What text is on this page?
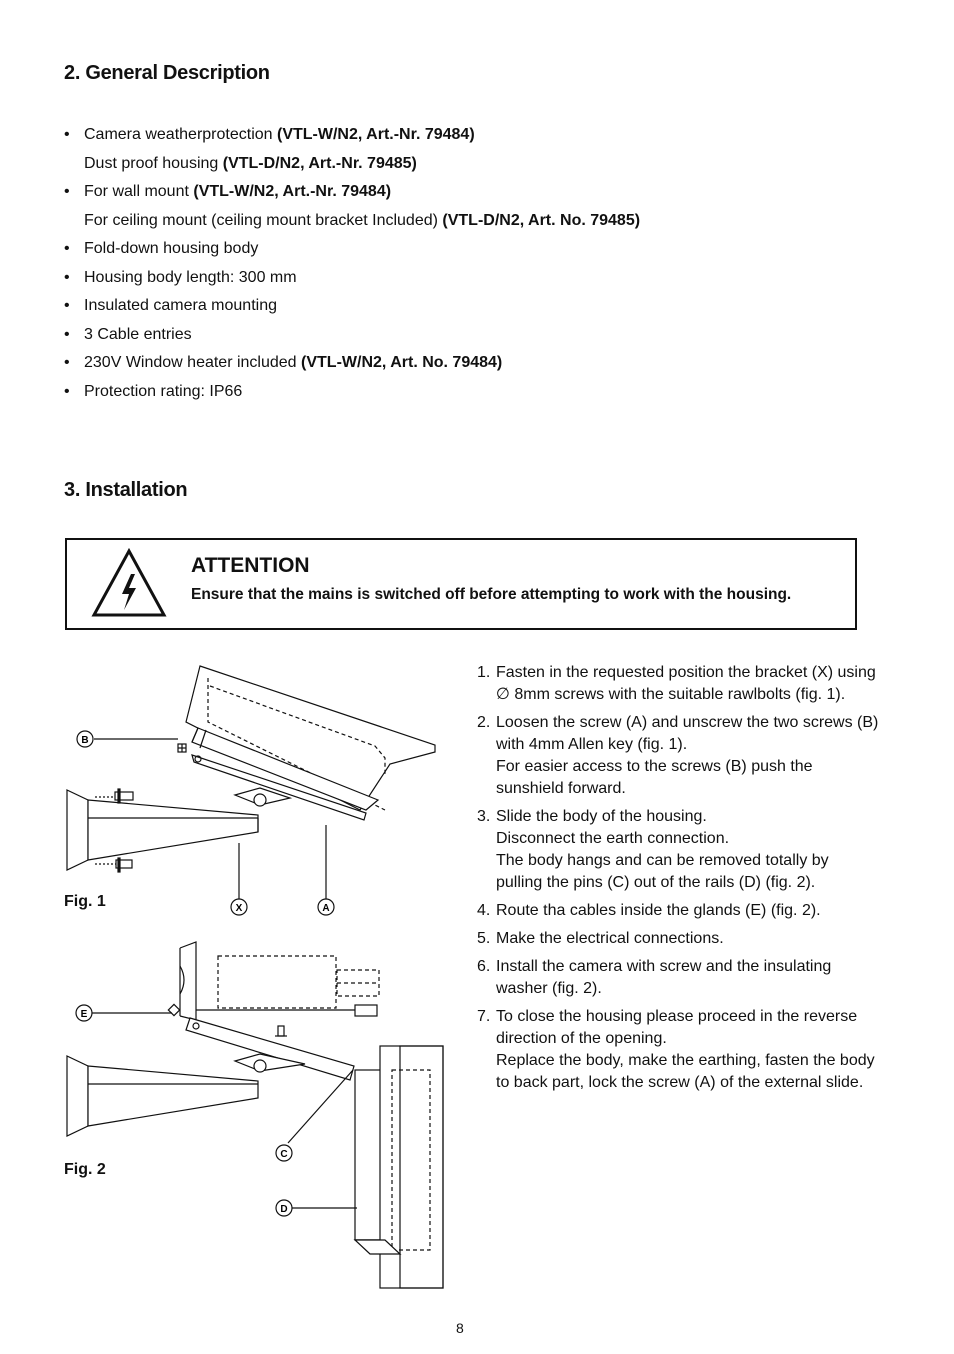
2. General Description
• Camera weatherprotection (VTL-W/N2, Art.-Nr. 79484)
Dust proof housing (VTL-D/N2, Art.-Nr. 79485)
• For wall mount (VTL-W/N2, Art.-Nr. 79484)
For ceiling mount (ceiling mount bracket Included) (VTL-D/N2, Art. No. 79485)
• Fold-down housing body
• Housing body length: 300 mm
• Insulated camera mounting
• 3 Cable entries
• 230V Window heater included (VTL-W/N2, Art. No. 79484)
• Protection rating: IP66
3. Installation
ATTENTION
Ensure that the mains is switched off before attempting to work with the housing.
B
X	A
Fig. 1
E
C
D
Fig. 2
1. Fasten in the requested position the bracket (X) using
∅ 8mm screws with the suitable rawlbolts (fig. 1).
2. Loosen the screw (A) and unscrew the two screws (B)
with 4mm Allen key (fig. 1).
For easier access to the screws (B) push the
sunshield forward.
3. Slide the body of the housing.
Disconnect the earth connection.
The body hangs and can be removed totally by
pulling the pins (C) out of the rails (D) (fig. 2).
4. Route tha cables inside the glands (E) (fig. 2).
5. Make the electrical connections.
6. Install the camera with screw and the insulating
washer (fig. 2).
7. To close the housing please proceed in the reverse
direction of the opening.
Replace the body, make the earthing, fasten the body
to back part, lock the screw (A) of the external slide.
8
